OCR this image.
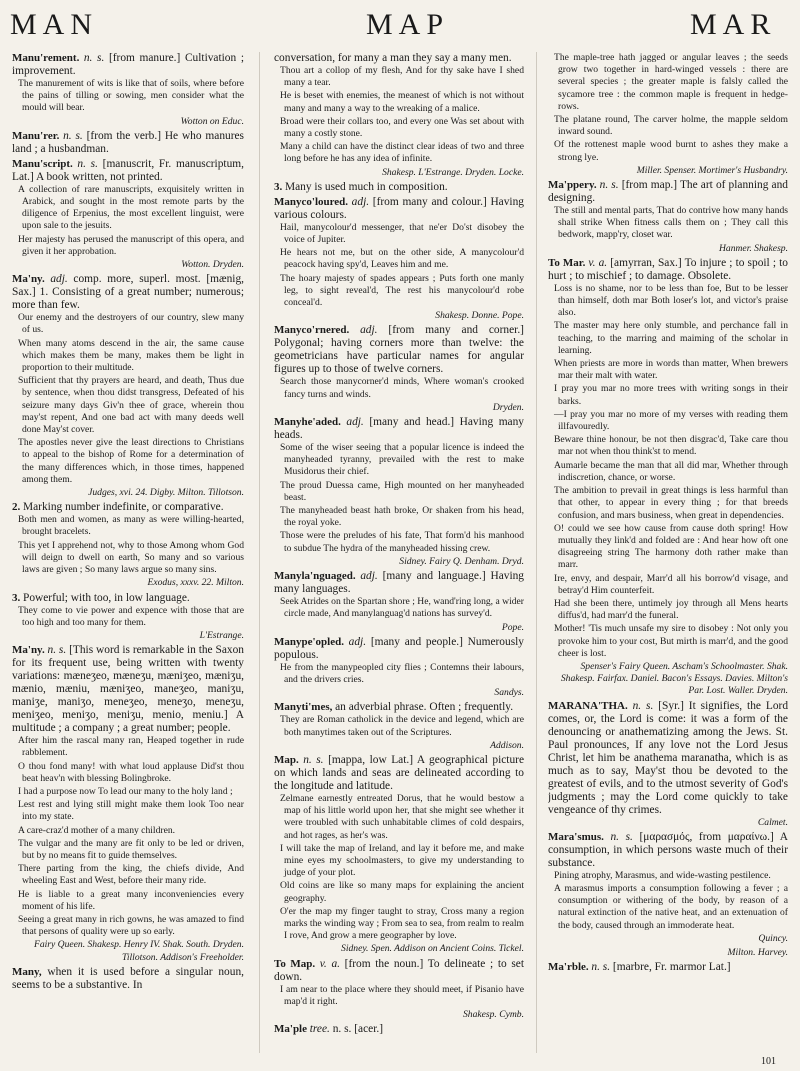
MAN	MAP	MAR
Manu'rement. n. s. [from manure.] Cultivation ; improvement.
The manurement of wits is like that of soils, where before the pains of tilling or sowing, men consider what the mould will bear.
Wotton on Educ.
Manu'rer. n. s. [from the verb.] He who manures land ; a husbandman.
Manu'script. n. s. [manuscrit, Fr. manuscriptum, Lat.] A book written, not printed.
A collection of rare manuscripts, exquisitely written in Arabick, and sought in the most remote parts by the diligence of Erpenius, the most excellent linguist, were upon sale to the jesuits.
Her majesty has perused the manuscript of this opera, and given it her approbation.
Wotton. Dryden.
Ma'ny. adj. comp. more, superl. most. [mænig, Sax.] 1. Consisting of a great number; numerous; more than few.
Our enemy and the destroyers of our country, slew many of us.
When many atoms descend in the air, the same cause which makes them be many, makes them be light in proportion to their multitude.
Sufficient that thy prayers are heard, and death, Thus due by sentence, when thou didst transgress, Defeated of his seizure many days Giv'n thee of grace, wherein thou may'st repent, And one bad act with many deeds well done May'st cover.
The apostles never give the least directions to Christians to appeal to the bishop of Rome for a determination of the many differences which, in those times, happened among them.
Judges, xvi. 24. Digby. Milton. Tillotson.
2. Marking number indefinite, or comparative.
Both men and women, as many as were willing-hearted, brought bracelets.
This yet I apprehend not, why to those Among whom God will deign to dwell on earth, So many and so various laws are given ; So many laws argue so many sins.
Exodus, xxxv. 22. Milton.
3. Powerful; with too, in low language.
They come to vie power and expence with those that are too high and too many for them.
L'Estrange.
Ma'ny. n. s. [This word is remarkable in the Saxon for its frequent use, being written with twenty variations: mæneʒeo, mæneʒu, mæniʒeo, mæniʒu, mænio, mæniu, mæniʒeo, maneʒeo, maniʒu, maniʒe, maniʒo, meneʒeo, meneʒo, meneʒu, meniʒeo, meniʒo, meniʒu, menio, meniu.] A multitude ; a company ; a great number; people.
After him the rascal many ran, Heaped together in rude rabblement.
O thou fond many! with what loud applause Did'st thou beat heav'n with blessing Bolingbroke.
I had a purpose now To lead our many to the holy land ;
Lest rest and lying still might make them look Too near into my state.
A care-craz'd mother of a many children.
The vulgar and the many are fit only to be led or driven, but by no means fit to guide themselves.
There parting from the king, the chiefs divide, And wheeling East and West, before their many ride.
He is liable to a great many inconveniencies every moment of his life.
Seeing a great many in rich gowns, he was amazed to find that persons of quality were up so early.
Fairy Queen. Shakesp. Henry IV. Shak. South. Dryden. Tillotson. Addison's Freeholder.
Many, when it is used before a singular noun, seems to be a substantive. In
conversation, for many a man they say a many men.
Thou art a collop of my flesh, And for thy sake have I shed many a tear.
He is beset with enemies, the meanest of which is not without many and many a way to the wreaking of a malice.
Broad were their collars too, and every one Was set about with many a costly stone.
Many a child can have the distinct clear ideas of two and three long before he has any idea of infinite.
Shakesp. L'Estrange. Dryden. Locke.
3. Many is used much in composition.
Manyco'loured. adj. [from many and colour.] Having various colours.
Hail, manycolour'd messenger, that ne'er Do'st disobey the voice of Jupiter.
He hears not me, but on the other side, A manycolour'd peacock having spy'd, Leaves him and me.
The hoary majesty of spades appears ; Puts forth one manly leg, to sight reveal'd, The rest his manycolour'd robe conceal'd.
Shakesp. Donne. Pope.
Manyco'rnered. adj. [from many and corner.] Polygonal; having corners more than twelve: the geometricians have particular names for angular figures up to those of twelve corners.
Search those manycorner'd minds, Where woman's crooked fancy turns and winds.
Dryden.
Manyhe'aded. adj. [many and head.] Having many heads.
Some of the wiser seeing that a popular licence is indeed the manyheaded tyranny, prevailed with the rest to make Musidorus their chief.
The proud Duessa came, High mounted on her manyheaded beast.
The manyheaded beast hath broke, Or shaken from his head, the royal yoke.
Those were the preludes of his fate, That form'd his manhood to subdue The hydra of the manyheaded hissing crew.
Sidney. Fairy Q. Denham. Dryd.
Manyla'nguaged. adj. [many and language.] Having many languages.
Seek Atrides on the Spartan shore ; He, wand'ring long, a wider circle made, And manylanguag'd nations has survey'd.
Pope.
Manype'opled. adj. [many and people.] Numerously populous.
He from the manypeopled city flies ; Contemns their labours, and the drivers cries.
Sandys.
Manyti'mes, an adverbial phrase. Often ; frequently.
They are Roman catholick in the device and legend, which are both manytimes taken out of the Scriptures.
Addison.
Map. n. s. [mappa, low Lat.] A geographical picture on which lands and seas are delineated according to the longitude and latitude.
Zelmane earnestly entreated Dorus, that he would bestow a map of his little world upon her, that she might see whether it were troubled with such unhabitable climes of cold despairs, and hot rages, as her's was.
I will take the map of Ireland, and lay it before me, and make mine eyes my schoolmasters, to give my understanding to judge of your plot.
Old coins are like so many maps for explaining the ancient geography.
O'er the map my finger taught to stray, Cross many a region marks the winding way ; From sea to sea, from realm to realm I rove, And grow a mere geographer by love.
Sidney. Spen. Addison on Ancient Coins. Tickel.
To Map. v. a. [from the noun.] To delineate ; to set down.
I am near to the place where they should meet, if Pisanio have map'd it right.
Shakesp. Cymb.
Ma'ple tree. n. s. [acer.]
The maple-tree hath jagged or angular leaves ; the seeds grow two together in hard-winged vessels : there are several species ; the greater maple is falsly called the sycamore tree : the common maple is frequent in hedge-rows.
The platane round, The carver holme, the mapple seldom inward sound.
Of the rottenest maple wood burnt to ashes they make a strong lye.
Miller. Spenser. Mortimer's Husbandry.
Ma'ppery. n. s. [from map.] The art of planning and designing.
The still and mental parts, That do contrive how many hands shall strike When fitness calls them on ; They call this bedwork, mapp'ry, closet war.
Hanmer. Shakesp.
To Mar. v. a. [amyrran, Sax.] To injure ; to spoil ; to hurt ; to mischief ; to damage. Obsolete.
Loss is no shame, nor to be less than foe, But to be lesser than himself, doth mar Both loser's lot, and victor's praise also.
The master may here only stumble, and perchance fall in teaching, to the marring and maiming of the scholar in learning.
When priests are more in words than matter, When brewers mar their malt with water.
I pray you mar no more trees with writing songs in their barks.
—I pray you mar no more of my verses with reading them illfavouredly.
Beware thine honour, be not then disgrac'd, Take care thou mar not when thou think'st to mend.
Aumarle became the man that all did mar, Whether through indiscretion, chance, or worse.
The ambition to prevail in great things is less harmful than that other, to appear in every thing ; for that breeds confusion, and mars business, when great in dependencies.
O! could we see how cause from cause doth spring! How mutually they link'd and folded are : And hear how oft one disagreeing string The harmony doth rather make than marr.
Ire, envy, and despair, Marr'd all his borrow'd visage, and betray'd Him counterfeit.
Had she been there, untimely joy through all Mens hearts diffus'd, had marr'd the funeral.
Mother! 'Tis much unsafe my sire to disobey : Not only you provoke him to your cost, But mirth is marr'd, and the good cheer is lost.
Spenser's Fairy Queen. Ascham's Schoolmaster. Shak. Shakesp. Fairfax. Daniel. Bacon's Essays. Davies. Milton's Par. Lost. Waller. Dryden.
MARANA'THA. n. s. [Syr.] It signifies, the Lord comes, or, the Lord is come: it was a form of the denouncing or anathematizing among the Jews. St. Paul pronounces, If any love not the Lord Jesus Christ, let him be anathema maranatha, which is as much as to say, May'st thou be devoted to the greatest of evils, and to the utmost severity of God's judgments ; may the Lord come quickly to take vengeance of thy crimes.
Calmet.
Mara'smus. n. s. [μαρασμός, from μαραίνω.] A consumption, in which persons waste much of their substance.
Pining atrophy, Marasmus, and wide-wasting pestilence.
A marasmus imports a consumption following a fever ; a consumption or withering of the body, by reason of a natural extinction of the native heat, and an extenuation of the body, caused through an immoderate heat.
Quincy.
Milton. Harvey.
Ma'rble. n. s. [marbre, Fr. marmor Lat.]
101
